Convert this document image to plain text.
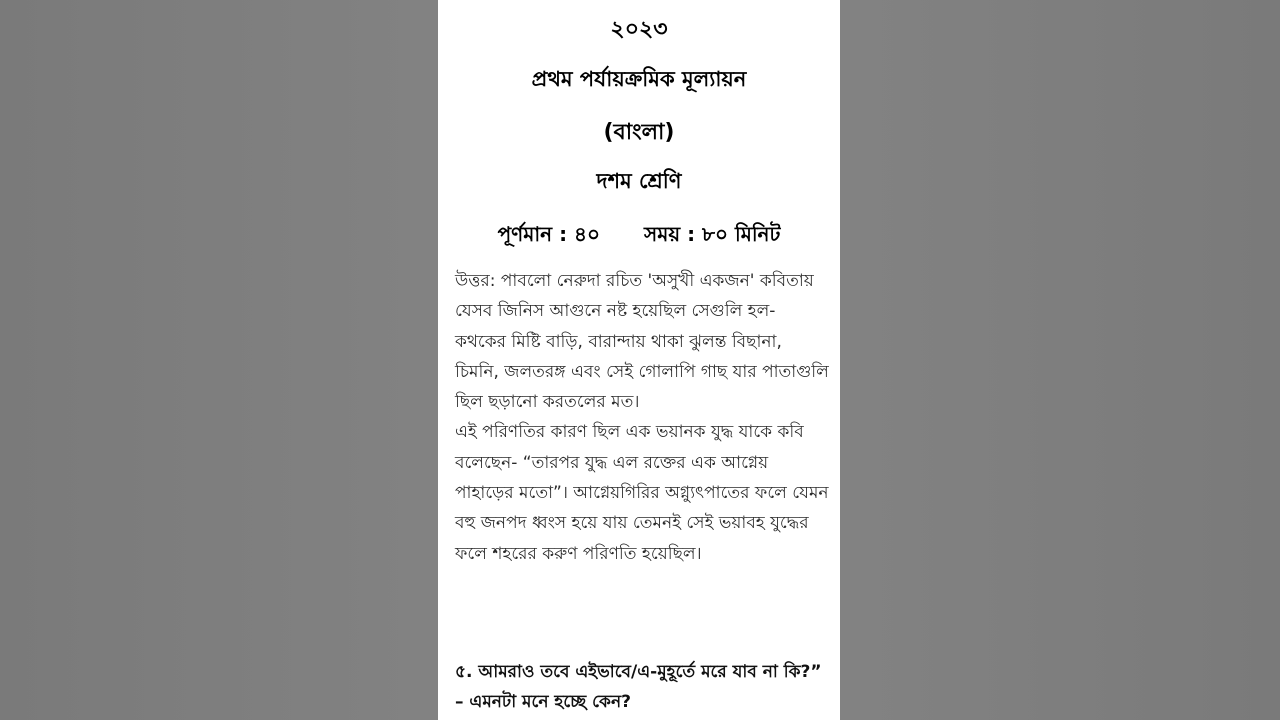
২০২৩
প্রথম পর্যায়ক্রমিক মূল্যায়ন
(বাংলা)
দশম শ্রেণি
পূর্ণমান : ৪০ সময় : ৮০ মিনিট

উত্তর: পাবলো নেরুদা রচিত 'অসুখী একজন' কবিতায় যেসব জিনিস আগুনে নষ্ট হয়েছিল সেগুলি হল- কথকের মিষ্টি বাড়ি, বারান্দায় থাকা ঝুলন্ত বিছানা, চিমনি, জলতরঙ্গ এবং সেই গোলাপি গাছ যার পাতাগুলি ছিল ছড়ানো করতলের মত।

এই পরিণতির কারণ ছিল এক ভয়ানক যুদ্ধ যাকে কবি বলেছেন- “তারপর যুদ্ধ এল রক্তের এক আগ্নেয় পাহাড়ের মতো”। আগ্নেয়গিরির অগ্ন্যুৎপাতের ফলে যেমন বহু জনপদ ধ্বংস হয়ে যায় তেমনই সেই ভয়াবহ যুদ্ধের ফলে শহরের করুণ পরিণতি হয়েছিল।

৫. আমরাও তবে এইভাবে/এ-মুহূর্তে মরে যাব না কি?” – এমনটা মনে হচ্ছে কেন?
